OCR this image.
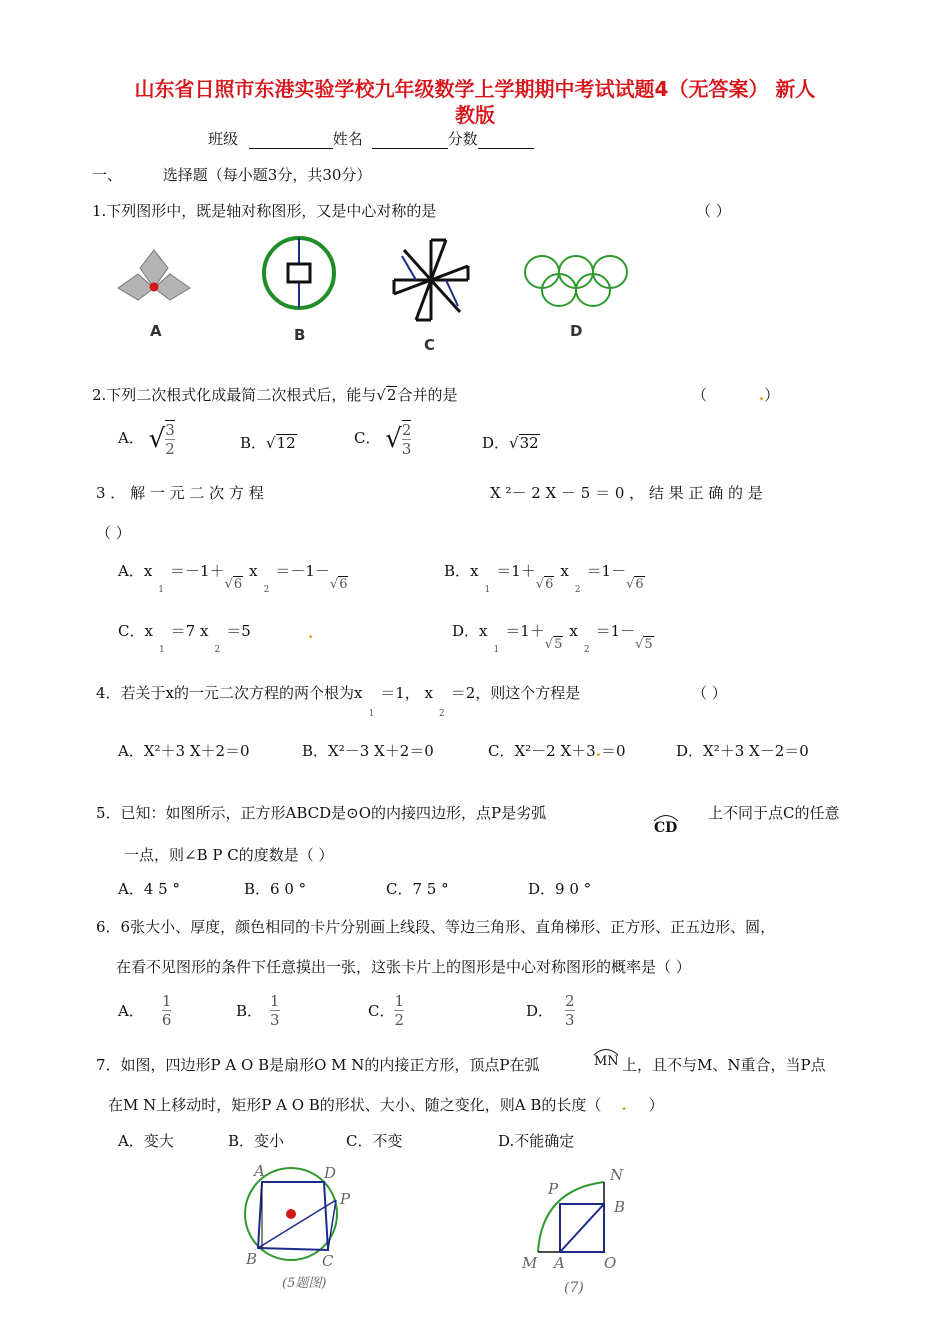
山东省日照市东港实验学校九年级数学上学期期中考试试题4（无答案） 新人
教版
班级	姓名	分数
一、	选择题（每小题3分，共30分）
1.下列图形中，既是轴对称图形，又是中心对称的是	（ ）
A	B
C
D
2.下列二次根式化成最简二次根式后，能与√2合并的是	（	.）
A． √ 3
2	B．√12	C． √ 2
3	D．√32
3 ． 解 一 元 二 次 方 程	X ²－ 2 X － 5 ＝ 0 ， 结 果 正 确 的 是
（ ）
A．$x_1=-1+√6x_2=-1-√6$
B．$x_1=1+√6x_2=1-√6$
C．$x_1=7$ $x_2=5$	.	D．$x_1=1+√5x_2=1-√5$
4．若关于x的一元二次方程的两个根为$x_1=1$， $x_2=2$，则这个方程是	（ ）
A．X²＋3 X＋2＝0	B．X²－3 X＋2＝0	C．X²－2 X＋3.＝0	D．X²＋3 X－2＝0
5．已知：如图所示，正方形ABCD是⊙O的内接四边形，点P是劣弧
CD
上不同于点C的任意
一点，则∠B P C的度数是（ ）
A．4 5 °	B．6 0 °	C．7 5 °	D．9 0 °
6．6张大小、厚度，颜色相同的卡片分别画上线段、等边三角形、直角梯形、正方形、正五边形、圆，
在看不见图形的条件下任意摸出一张，这张卡片上的图形是中心对称图形的概率是（ ）
A． $\frac{1}{6}$	B． $\frac{1}{3}$	C． $\frac{1}{2}$	D． $\frac{2}{3}$
7．如图，四边形P A O B是扇形O M N的内接正方形，顶点P在弧	MN 上，且不与M、N重合，当P点
在M N上移动时，矩形P A O B的形状、大小、随之变化，则A B的长度（ . ）
A．变大	B．变小	C．不变	D.不能确定
A	D
P
B	C
(5题图)
P
N
B
M A	O
(7)
